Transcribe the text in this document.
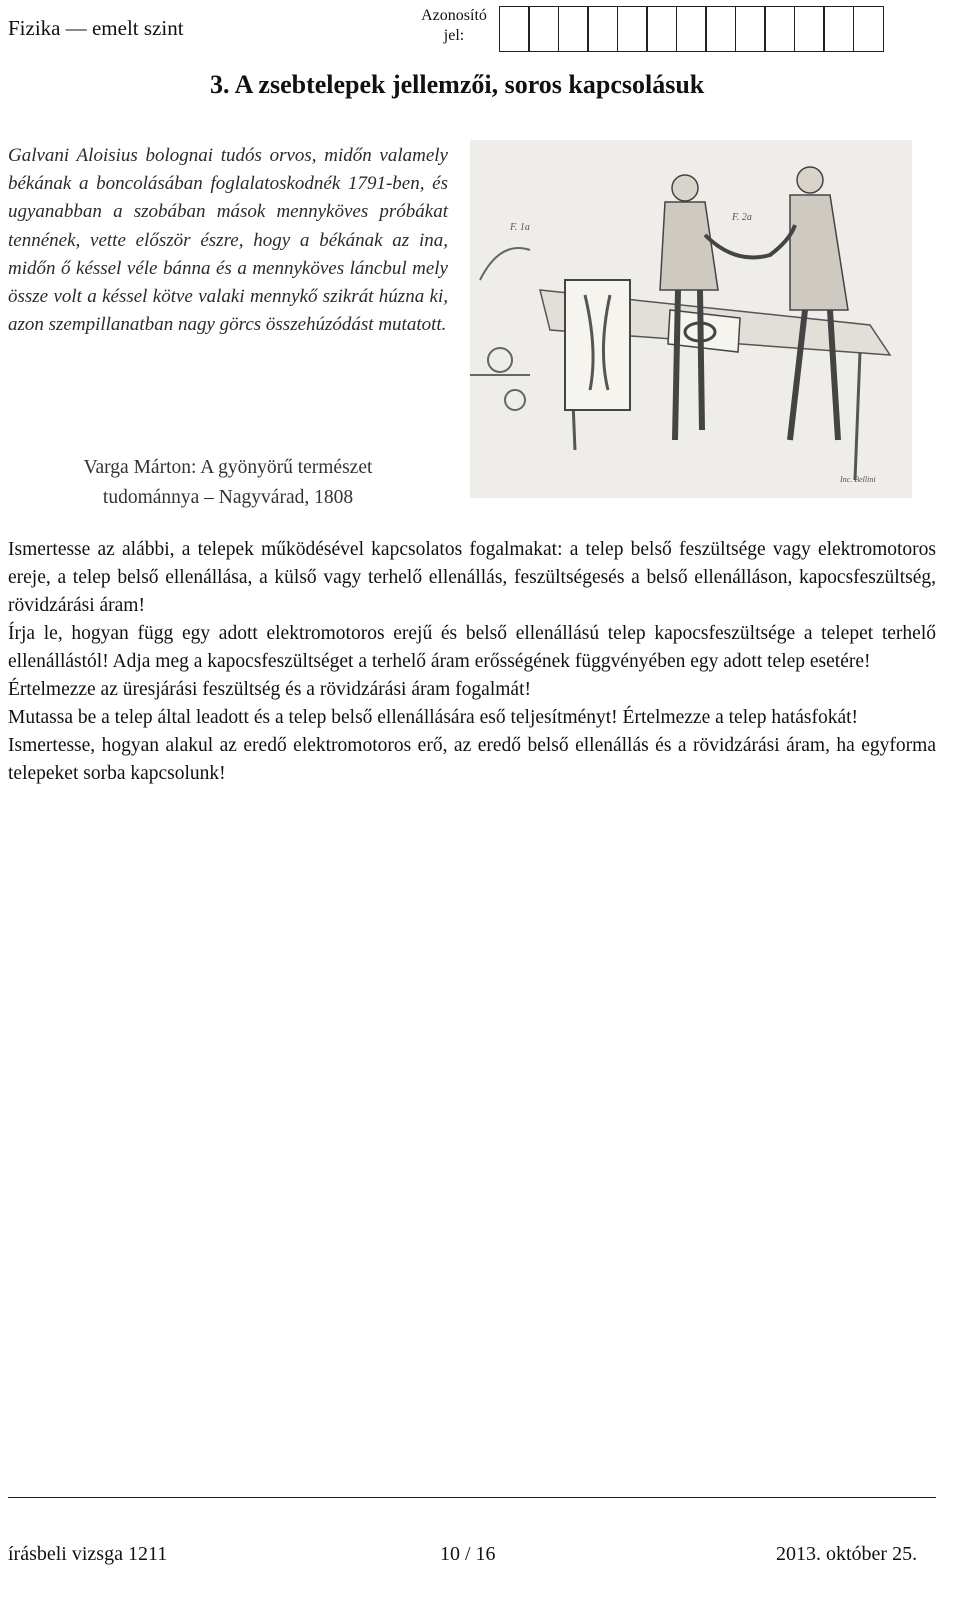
Fizika — emelt szint
Azonosító jel:
3. A zsebtelepek jellemzői, soros kapcsolásuk
Galvani Aloisius bolognai tudós orvos, midőn valamely békának a boncolásában foglalatoskodnék 1791-ben, és ugyanabban a szobában mások mennyköves próbákat tennének, vette először észre, hogy a békának az ina, midőn ő késsel véle bánna és a mennyköves láncbul mely össze volt a késsel kötve valaki mennykő szikrát húzna ki, azon szempillanatban nagy görcs összehúzódást mutatott.
Varga Márton: A gyönyörű természet
tudománnya – Nagyvárad, 1808
F. 1a
F. 2a
Inc. Bellini

Ismertesse az alábbi, a telepek működésével kapcsolatos fogalmakat: a telep belső feszültsége vagy elektromotoros ereje, a telep belső ellenállása, a külső vagy terhelő ellenállás, feszültségesés a belső ellenálláson, kapocsfeszültség, rövidzárási áram!

Írja le, hogyan függ egy adott elektromotoros erejű és belső ellenállású telep kapocsfeszültsége a telepet terhelő ellenállástól! Adja meg a kapocsfeszültséget a terhelő áram erősségének függvényében egy adott telep esetére!

Értelmezze az üresjárási feszültség és a rövidzárási áram fogalmát!

Mutassa be a telep által leadott és a telep belső ellenállására eső teljesítményt! Értelmezze a telep hatásfokát!

Ismertesse, hogyan alakul az eredő elektromotoros erő, az eredő belső ellenállás és a rövidzárási áram, ha egyforma telepeket sorba kapcsolunk!

írásbeli vizsga 1211	10 / 16	2013. október 25.
